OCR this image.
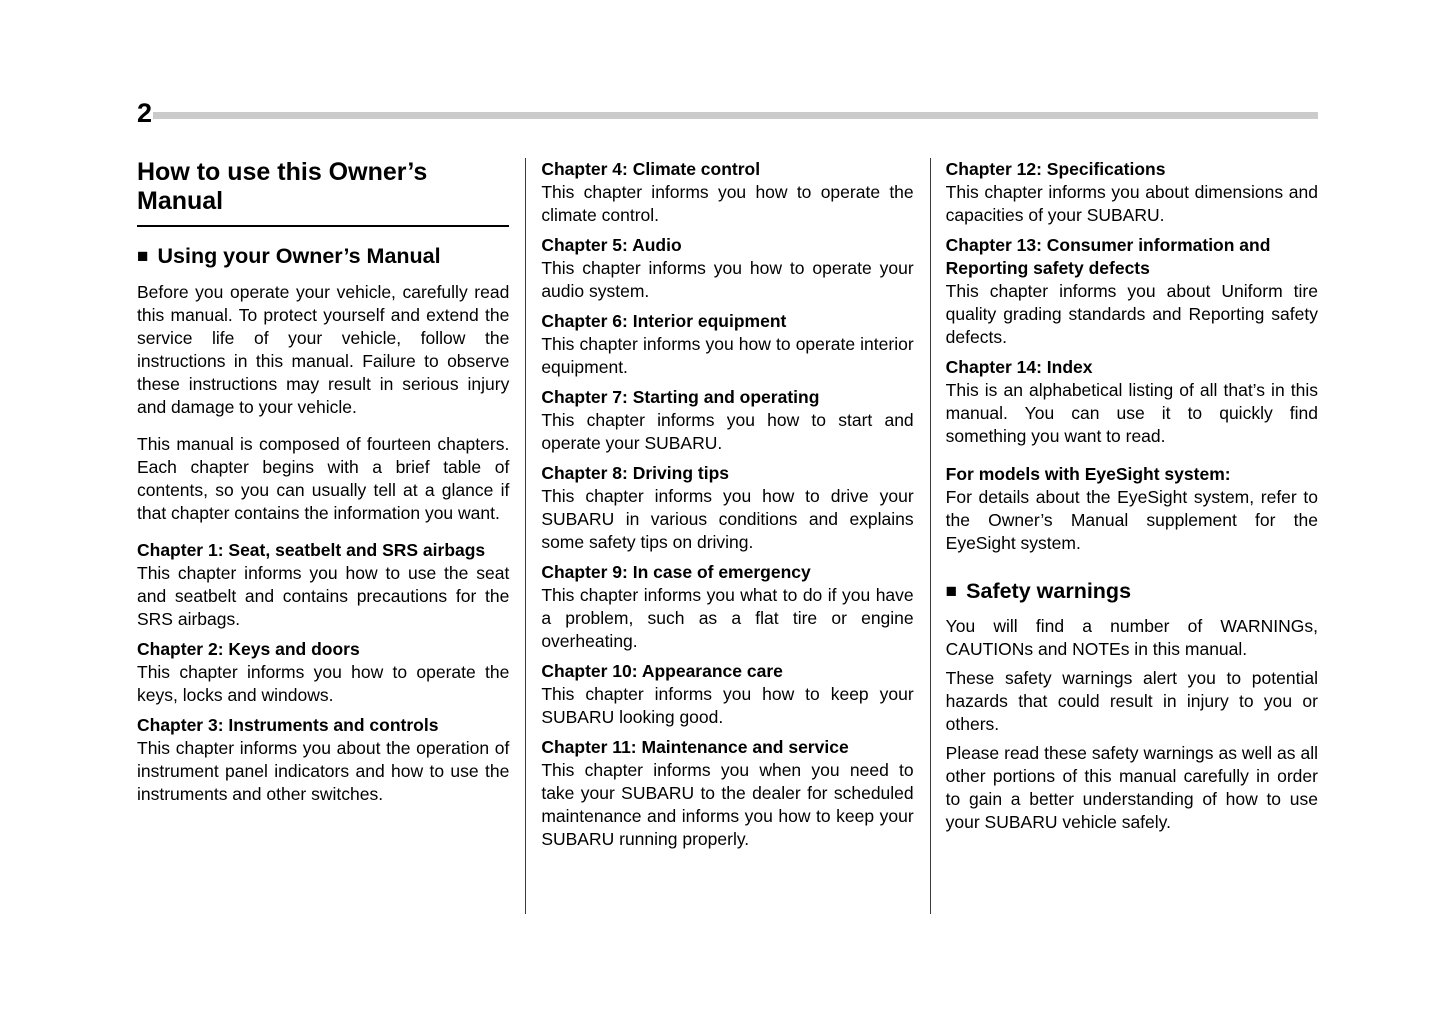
2
How to use this Owner’s Manual
■ Using your Owner’s Manual

Before you operate your vehicle, carefully read this manual. To protect yourself and extend the service life of your vehicle, follow the instructions in this manual. Failure to observe these instructions may result in serious injury and damage to your vehicle.

This manual is composed of fourteen chapters. Each chapter begins with a brief table of contents, so you can usually tell at a glance if that chapter contains the information you want.

Chapter 1: Seat, seatbelt and SRS airbags

This chapter informs you how to use the seat and seatbelt and contains precautions for the SRS airbags.

Chapter 2: Keys and doors

This chapter informs you how to operate the keys, locks and windows.

Chapter 3: Instruments and controls

This chapter informs you about the operation of instrument panel indicators and how to use the instruments and other switches.

Chapter 4: Climate control

This chapter informs you how to operate the climate control.

Chapter 5: Audio

This chapter informs you how to operate your audio system.

Chapter 6: Interior equipment

This chapter informs you how to operate interior equipment.

Chapter 7: Starting and operating

This chapter informs you how to start and operate your SUBARU.

Chapter 8: Driving tips

This chapter informs you how to drive your SUBARU in various conditions and explains some safety tips on driving.

Chapter 9: In case of emergency

This chapter informs you what to do if you have a problem, such as a flat tire or engine overheating.

Chapter 10: Appearance care

This chapter informs you how to keep your SUBARU looking good.

Chapter 11: Maintenance and service

This chapter informs you when you need to take your SUBARU to the dealer for scheduled maintenance and informs you how to keep your SUBARU running properly.

Chapter 12: Specifications

This chapter informs you about dimensions and capacities of your SUBARU.

Chapter 13: Consumer information and Reporting safety defects

This chapter informs you about Uniform tire quality grading standards and Reporting safety defects.

Chapter 14: Index

This is an alphabetical listing of all that’s in this manual. You can use it to quickly find something you want to read.

For models with EyeSight system:

For details about the EyeSight system, refer to the Owner’s Manual supplement for the EyeSight system.

■ Safety warnings

You will find a number of WARNINGs, CAUTIONs and NOTEs in this manual.

These safety warnings alert you to potential hazards that could result in injury to you or others.

Please read these safety warnings as well as all other portions of this manual carefully in order to gain a better understanding of how to use your SUBARU vehicle safely.
